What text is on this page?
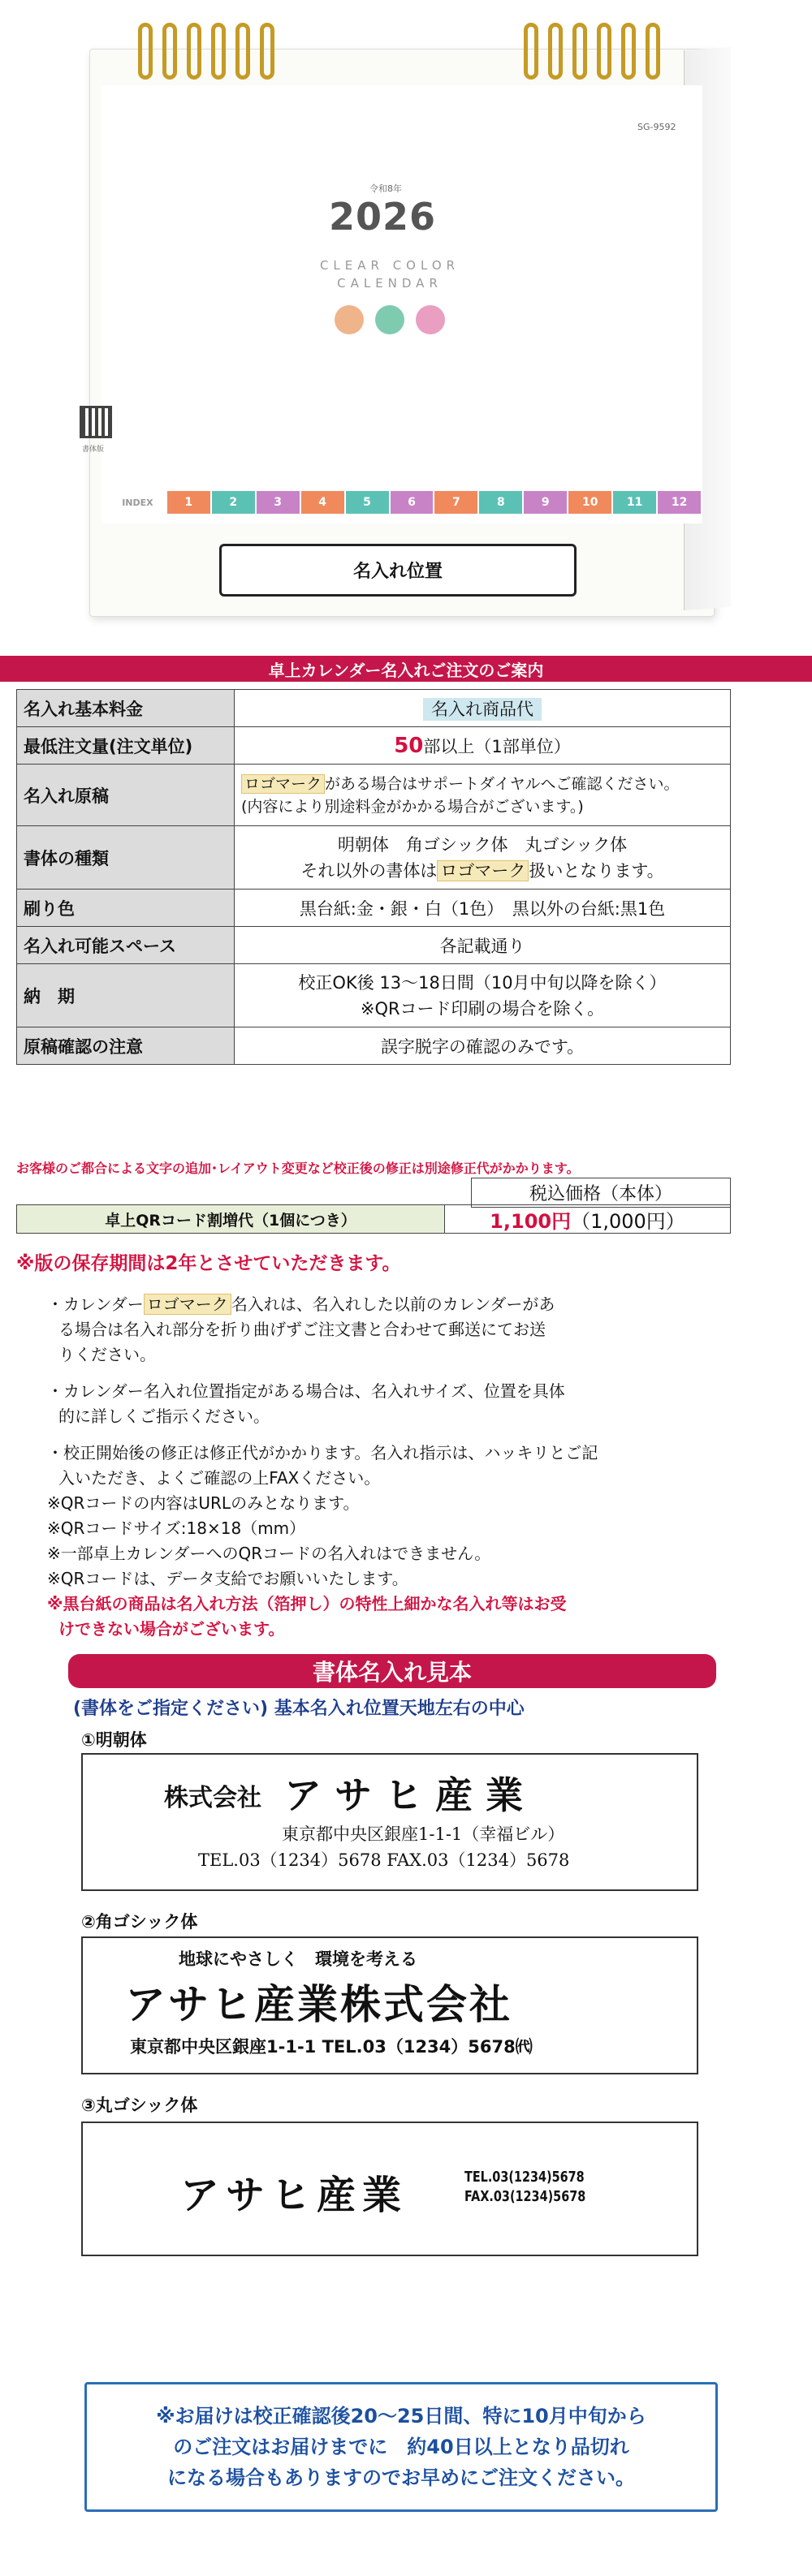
SG-9592
令和8年
2026
CLEAR COLOR
CALENDAR
書体版
INDEX	1	2	3	4	5	6	7	8	9	10	11	12
名入れ位置
卓上カレンダー名入れご注文のご案内
名入れ基本料金	名入れ商品代
最低注文量(注文単位)	50部以上（1部単位）
名入れ原稿	ロゴマーク がある場合はサポートダイヤルへご確認ください。
(内容により別途料金がかかる場合がございます。)
書体の種類	明朝体　角ゴシック体　丸ゴシック体
それ以外の書体は ロゴマーク 扱いとなります。
刷り色	黒台紙:金・銀・白（1色）　黒以外の台紙:黒1色
名入れ可能スペース	各記載通り
納　期	校正OK後 13～18日間（10月中旬以降を除く）
※QRコード印刷の場合を除く。
原稿確認の注意	誤字脱字の確認のみです。
お客様のご都合による文字の追加･レイアウト変更など校正後の修正は別途修正代がかかります。
税込価格（本体）
卓上QRコード割増代（1個につき）	1,100円 （1,000円）
※版の保存期間は2年とさせていただきます。

・カレンダー ロゴマーク 名入れは、名入れした以前のカレンダーがあ
る場合は名入れ部分を折り曲げずご注文書と合わせて郵送にてお送
りください。

・カレンダー名入れ位置指定がある場合は、名入れサイズ、位置を具体
的に詳しくご指示ください。

・校正開始後の修正は修正代がかかります。名入れ指示は、ハッキリとご記
入いただき、よくご確認の上FAXください。

※QRコードの内容はURLのみとなります。
※QRコードサイズ:18×18（mm）
※一部卓上カレンダーへのQRコードの名入れはできません。
※QRコードは、データ支給でお願いいたします。
※黒台紙の商品は名入れ方法（箔押し）の特性上細かな名入れ等はお受
けできない場合がございます。
書体名入れ見本
(書体をご指定ください) 基本名入れ位置天地左右の中心
①明朝体
株式会社 ア サ ヒ 産 業
東京都中央区銀座1-1-1（幸福ビル）
TEL.03（1234）5678 FAX.03（1234）5678
②角ゴシック体
地球にやさしく　環境を考える
アサヒ産業株式会社
東京都中央区銀座1-1-1 TEL.03（1234）5678㈹
③丸ゴシック体
アサヒ産業	TEL.03(1234)5678
FAX.03(1234)5678
※お届けは校正確認後20～25日間、特に10月中旬から
のご注文はお届けまでに　約40日以上となり品切れ
になる場合もありますのでお早めにご注文ください。
